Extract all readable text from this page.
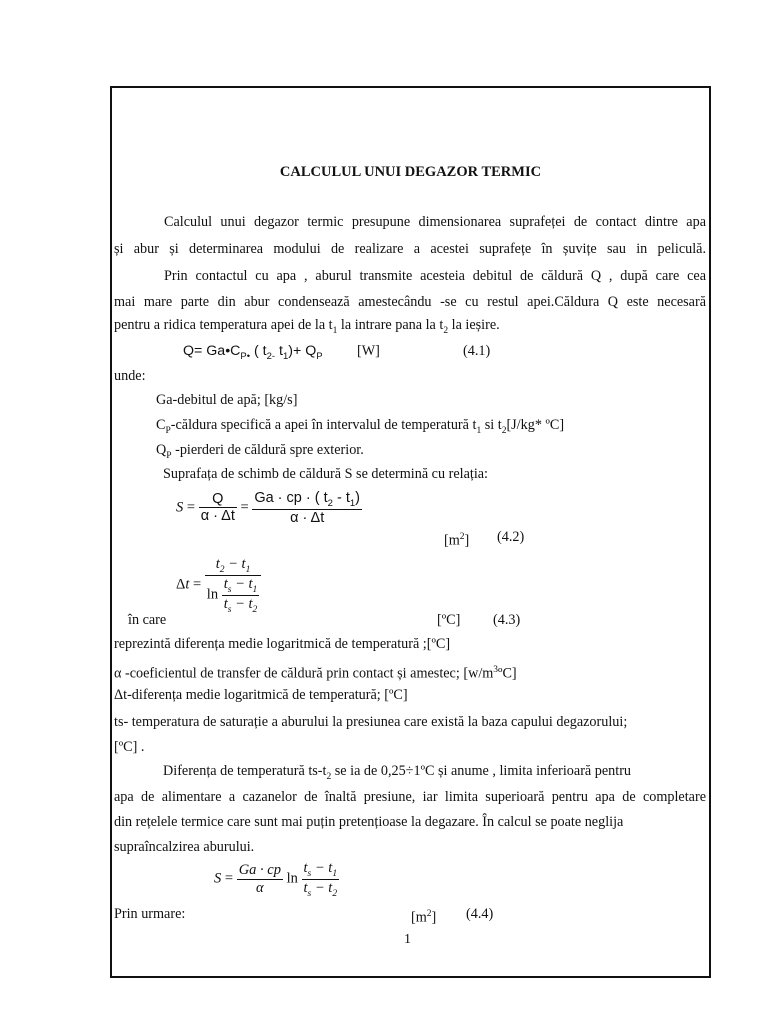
CALCULUL UNUI DEGAZOR TERMIC
Calculul unui degazor termic presupune dimensionarea suprafeței de contact dintre apa
și abur și determinarea modului de realizare a acestei suprafețe în șuvițe sau in peliculă.
Prin contactul cu apa , aburul transmite acesteia debitul de căldură Q , după care cea
mai mare parte din abur condensează amestecându -se cu restul apei.Căldura Q este necesară
pentru a ridica temperatura apei de la $t_1$ la intrare pana la $t_2$ la ieșire.
$Q= Ga•C_{P•}$ ( $t_{2-}$ $t_1)+ Q_P$ [W]	(4.1)
unde:
Ga-debitul de apă; [kg/s]
$C_P$-căldura specifică a apei în intervalul de temperatură $t_1$ si $t_2[J/kg*$ ºC]
$Q_P$ -pierderi de căldură spre exterior.
Suprafața de schimb de căldură S se determină cu relația:
$S = \frac{Q}{\alpha \cdot \Delta t} = \frac{Ga \cdot cp \cdot ( t_2 - t_1)}{\alpha \cdot \Delta t}$
$[m^2]$ (4.2)
$\Delta t = \frac{t_2 - t_1}{\ln \frac{t_s - t_1}{t_s - t_2}}$
în care	[ºC] (4.3)
reprezintă diferența medie logaritmică de temperatură ;[ºC]
α -coeficientul de transfer de căldură prin contact și amestec; $[w/m^3ºC]$
Δt-diferența medie logaritmică de temperatură; [ºC]
ts- temperatura de saturație a aburului la presiunea care există la baza capului degazorului;
[ºC] .
Diferența de temperatură $ts-t_2$ se ia de 0,25÷1ºC și anume , limita inferioară pentru
apa de alimentare a cazanelor de înaltă presiune, iar limita superioară pentru apa de completare
din rețelele termice care sunt mai puțin pretențioase la degazare. În calcul se poate neglija
supraîncalzirea aburului.
$S = \frac{Ga \cdot cp}{\alpha}$ $\ln \frac{t_s - t_1}{t_s - t_2}$
Prin urmare:	$[m^2]$ (4.4)
1
